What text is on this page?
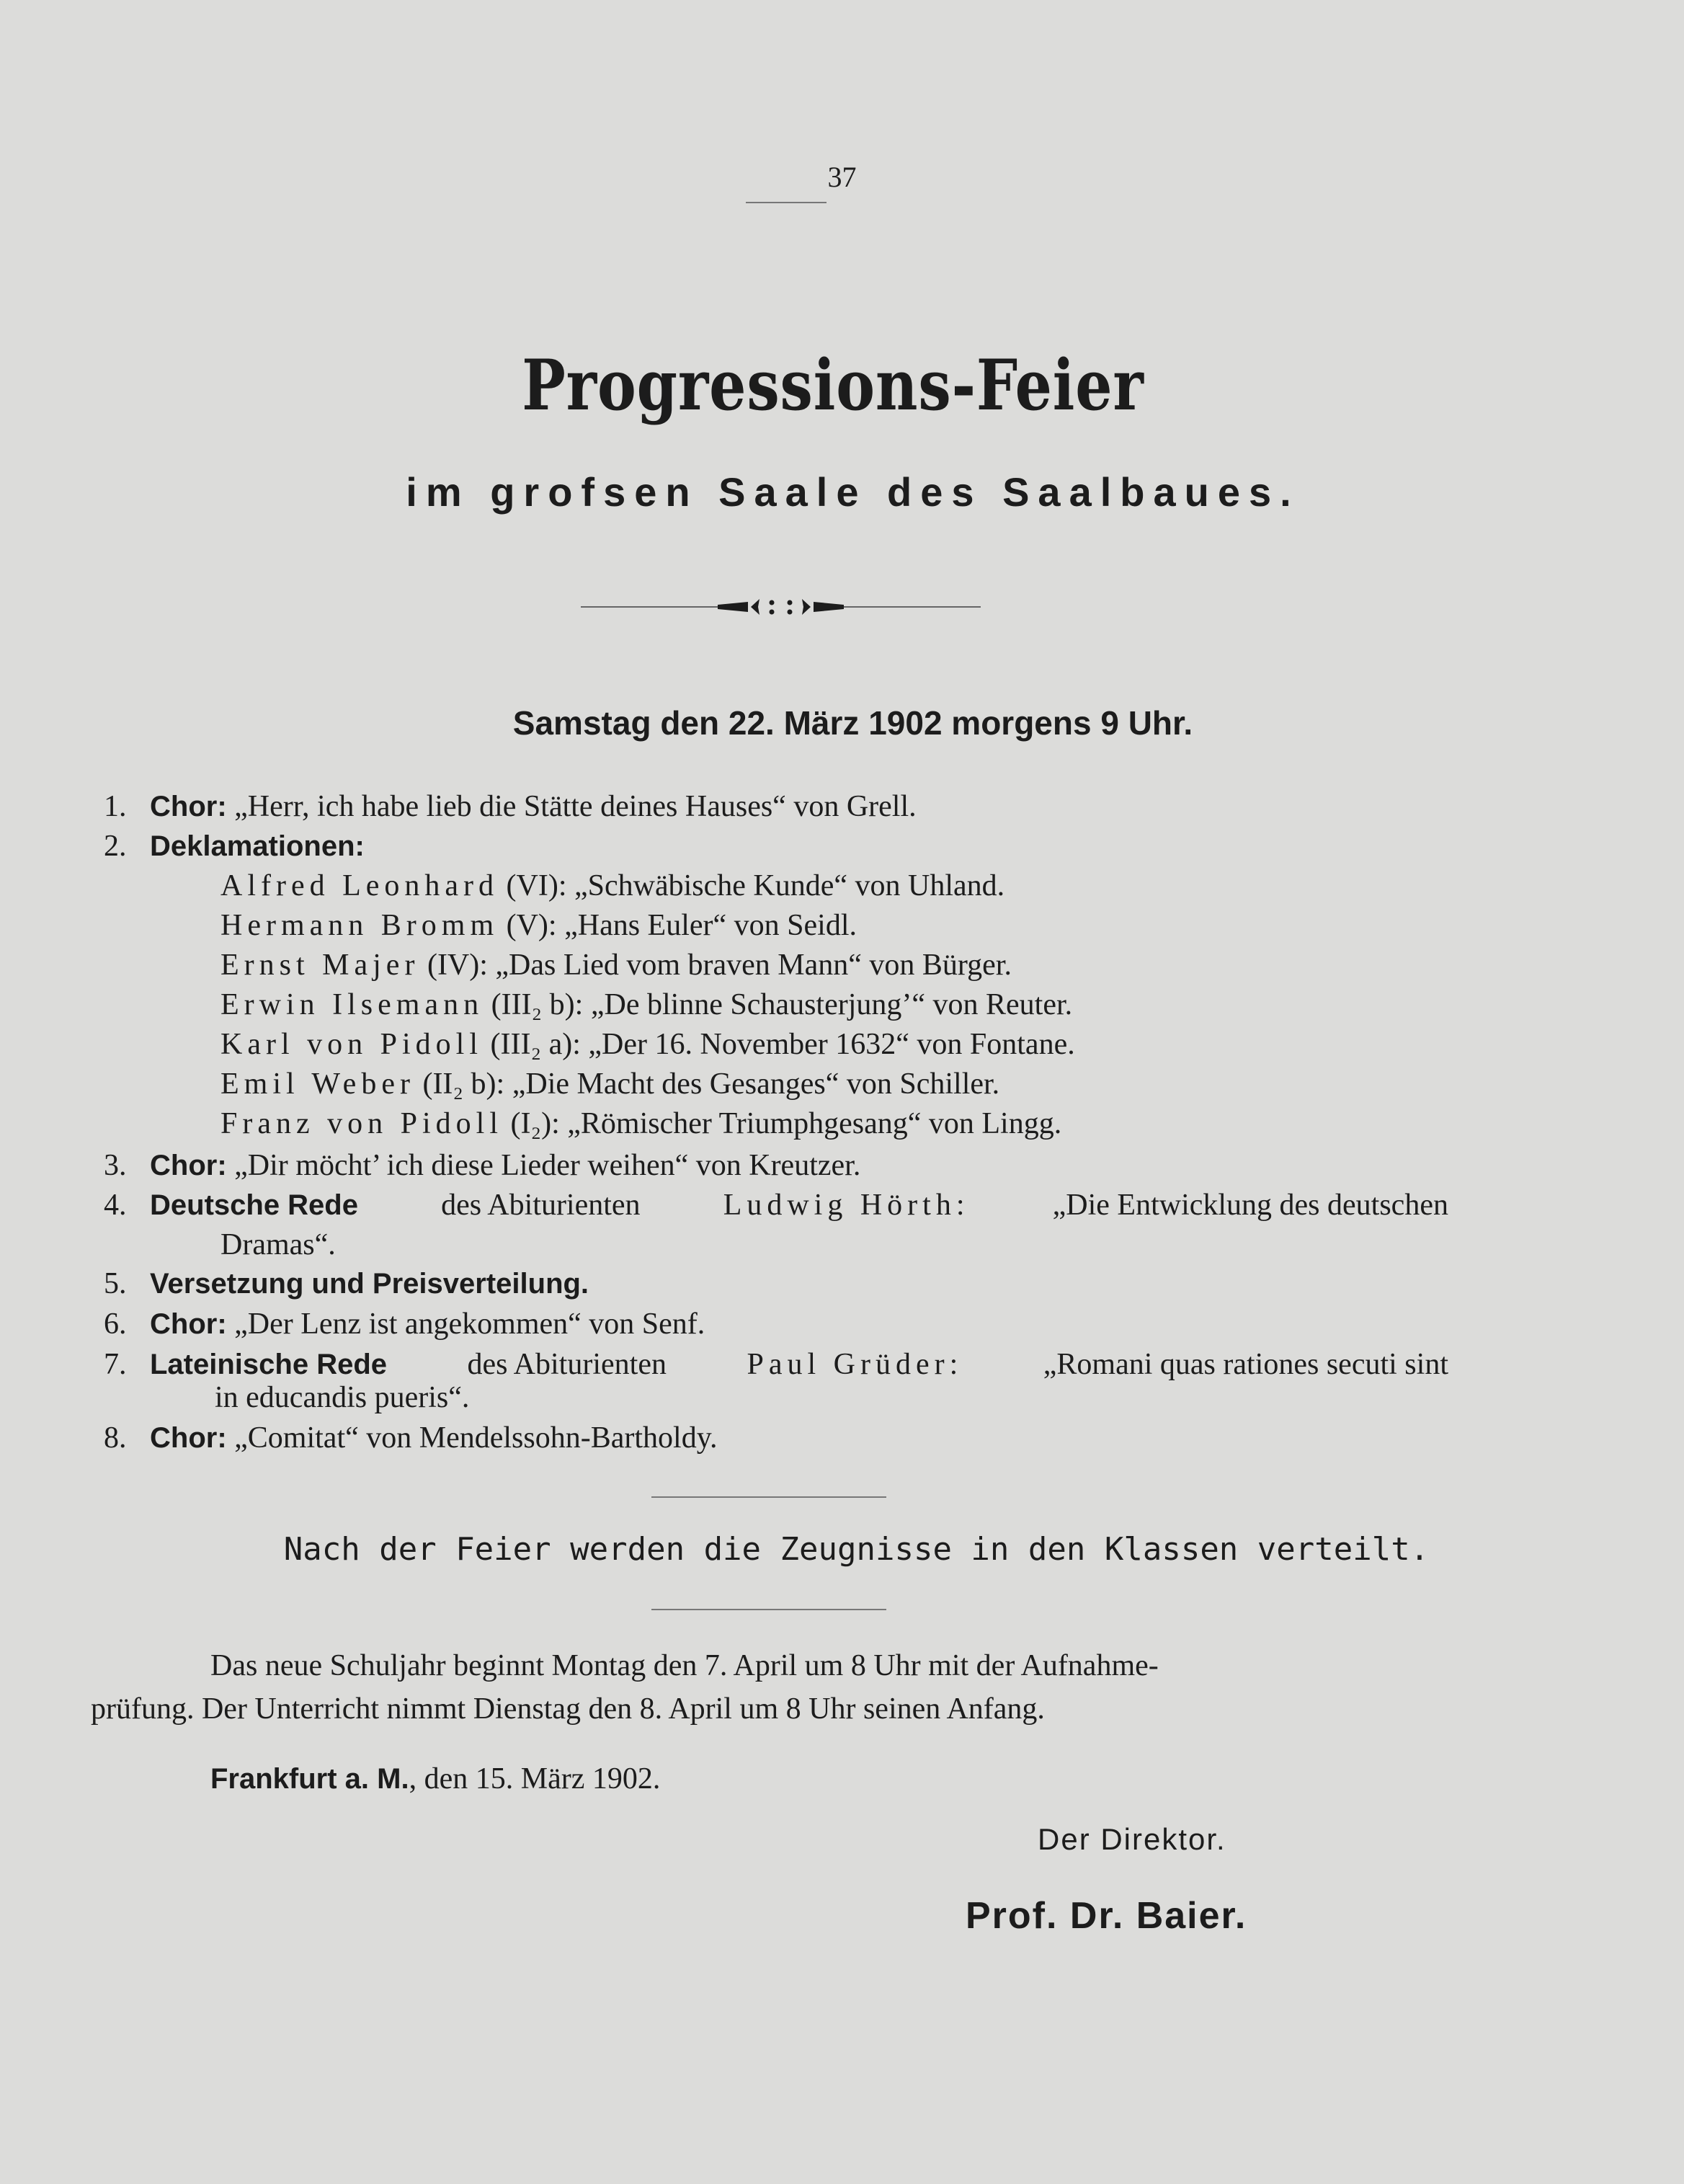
37
Progressions-Feier
im grofsen Saale des Saalbaues.
Samstag den 22. März 1902 morgens 9 Uhr.
1. Chor: „Herr, ich habe lieb die Stätte deines Hauses“ von Grell.
2. Deklamationen:
Alfred Leonhard (VI): „Schwäbische Kunde“ von Uhland.
Hermann Bromm (V): „Hans Euler“ von Seidl.
Ernst Majer (IV): „Das Lied vom braven Mann“ von Bürger.
Erwin Ilsemann (III₂ b): „De blinne Schausterjung’“ von Reuter.
Karl von Pidoll (III₂ a): „Der 16. November 1632“ von Fontane.
Emil Weber (II₂ b): „Die Macht des Gesanges“ von Schiller.
Franz von Pidoll (I₂): „Römischer Triumphgesang“ von Lingg.
3. Chor: „Dir möcht’ ich diese Lieder weihen“ von Kreutzer.
4. Deutsche Rede	des Abiturienten	Ludwig Hörth:	„Die Entwicklung des deutschen
Dramas“.
5. Versetzung und Preisverteilung.
6. Chor: „Der Lenz ist angekommen“ von Senf.
7. Lateinische Rede	des Abiturienten	Paul Grüder:	„Romani quas rationes secuti sint
in educandis pueris“.
8. Chor: „Comitat“ von Mendelssohn-Bartholdy.
Nach der Feier werden die Zeugnisse in den Klassen verteilt.
Das neue Schuljahr beginnt Montag den 7. April um 8 Uhr mit der Aufnahme-
prüfung. Der Unterricht nimmt Dienstag den 8. April um 8 Uhr seinen Anfang.
Frankfurt a. M., den 15. März 1902.
Der Direktor.
Prof. Dr. Baier.
